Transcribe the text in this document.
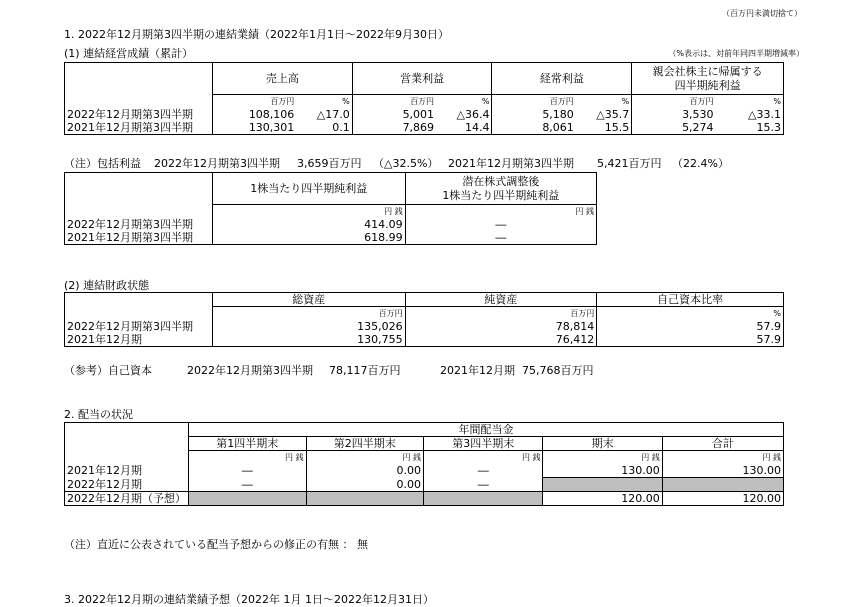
（百万円未満切捨て）
1. 2022年12月期第3四半期の連結業績（2022年1月1日～2022年9月30日）
(1) 連結経営成績（累計）	（%表示は、対前年同四半期増減率）
	売上高		営業利益		経常利益		親会社株主に帰属する
四半期純利益	
	百万円	%	百万円	%	百万円	%	百万円	%
2022年12月期第3四半期	108,106	△17.0	5,001	△36.4	5,180	△35.7	3,530	△33.1
2021年12月期第3四半期	130,301	0.1	7,869	14.4	8,061	15.5	5,274	15.3
（注）包括利益 2022年12月期第3四半期 3,659百万円 （△32.5%） 2021年12月期第3四半期 5,421百万円 （22.4%）
	1株当たり四半期純利益	潜在株式調整後
1株当たり四半期純利益
	円 銭	円 銭
2022年12月期第3四半期	414.09	―
2021年12月期第3四半期	618.99	―
(2) 連結財政状態
	総資産	純資産	自己資本比率
	百万円	百万円	%
2022年12月期第3四半期	135,026	78,814	57.9
2021年12月期	130,755	76,412	57.9
（参考）自己資本	2022年12月期第3四半期 78,117百万円	2021年12月期 75,768百万円
2. 配当の状況
	年間配当金				
	第1四半期末	第2四半期末	第3四半期末	期末	合計
	円 銭	円 銭	円 銭	円 銭	円 銭
2021年12月期	―	0.00	―	130.00	130.00
2022年12月期	―	0.00	―		
2022年12月期（予想）				120.00	120.00
（注）直近に公表されている配当予想からの修正の有無 ： 無
3. 2022年12月期の連結業績予想（2022年 1月 1日～2022年12月31日）
